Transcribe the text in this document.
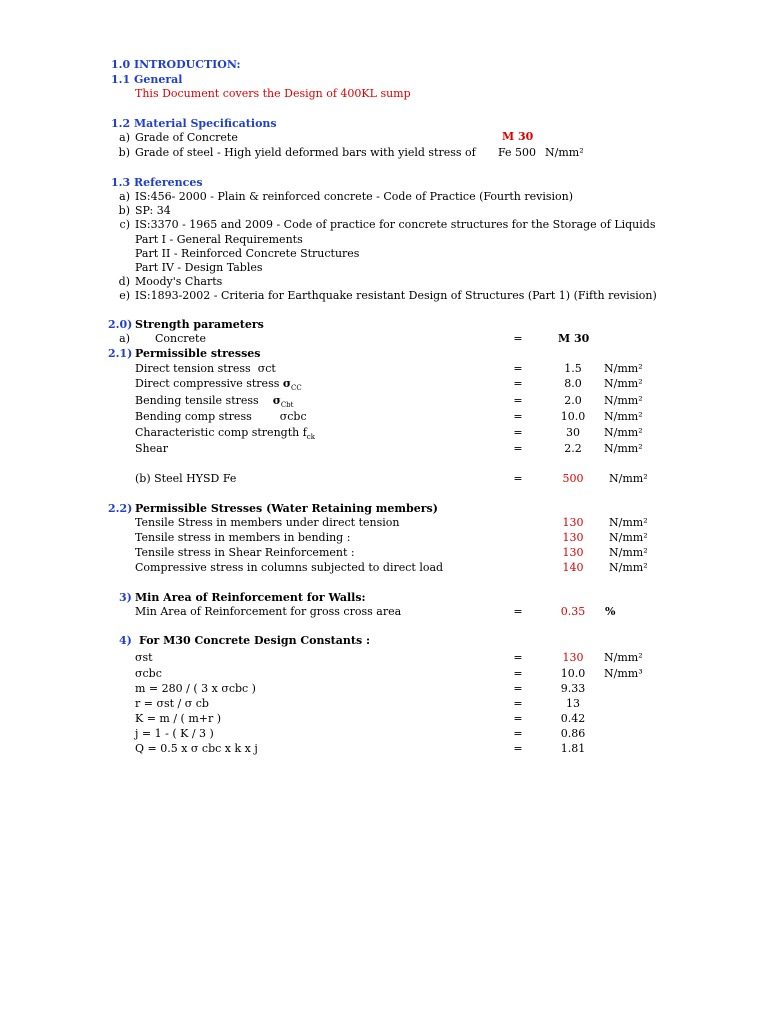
1.0 INTRODUCTION:
1.1 General
This Document covers the Design of 400KL sump
1.2 Material Specifications
a) Grade of Concrete	M 30
b) Grade of steel - High yield deformed bars with yield stress of Fe 500 N/mm²
1.3 References
a) IS:456- 2000 - Plain & reinforced concrete - Code of Practice (Fourth revision)
b) SP: 34
c) IS:3370 - 1965 and 2009 - Code of practice for concrete structures for the Storage of Liquids
Part I - General Requirements
Part II - Reinforced Concrete Structures
Part IV - Design Tables
d) Moody's Charts
e) IS:1893-2002 - Criteria for Earthquake resistant Design of Structures (Part 1) (Fifth revision)
2.0) Strength parameters
a) Concrete	=	M 30
2.1) Permissible stresses
Direct tension stress σct	=	1.5	N/mm²
Direct compressive stress $\sigma_{CC}$	=	8.0	N/mm²
Bending tensile stress $\sigma_{Cbt}$	=	2.0	N/mm²
Bending comp stress	σcbc	=	10.0	N/mm²
Characteristic comp strength $f_{ck}$	=	30	N/mm²
Shear	=	2.2	N/mm²
(b) Steel HYSD Fe	=	500	N/mm²
2.2) Permissible Stresses (Water Retaining members)
Tensile Stress in members under direct tension	130	N/mm²
Tensile stress in members in bending :	130	N/mm²
Tensile stress in Shear Reinforcement :	130	N/mm²
Compressive stress in columns subjected to direct load	140	N/mm²
3) Min Area of Reinforcement for Walls:
Min Area of Reinforcement for gross cross area	=	0.35	%
4) For M30 Concrete Design Constants :
σst	=	130	N/mm²
σcbc	=	10.0	N/mm³
m = 280 / ( 3 x σcbc )	=	9.33
r = σst / σ cb	=	13
K = m / ( m+r )	=	0.42
j = 1 - ( K / 3 )	=	0.86
Q = 0.5 x σ cbc x k x j	=	1.81
